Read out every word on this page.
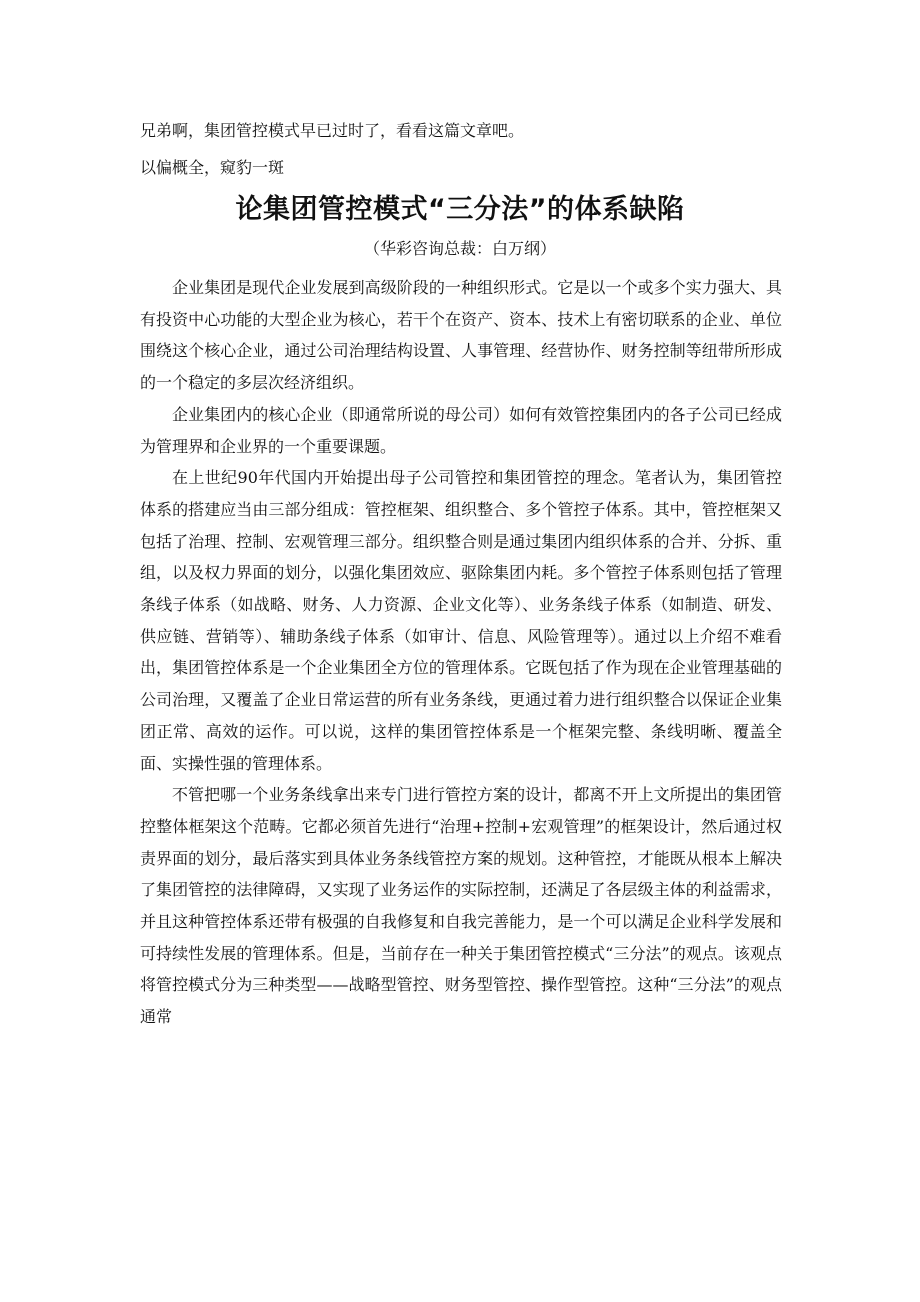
兄弟啊，集团管控模式早已过时了，看看这篇文章吧。
以偏概全，窥豹一斑
论集团管控模式“三分法”的体系缺陷
（华彩咨询总裁：白万纲）

企业集团是现代企业发展到高级阶段的一种组织形式。它是以一个或多个实力强大、具有投资中心功能的大型企业为核心，若干个在资产、资本、技术上有密切联系的企业、单位围绕这个核心企业，通过公司治理结构设置、人事管理、经营协作、财务控制等纽带所形成的一个稳定的多层次经济组织。

企业集团内的核心企业（即通常所说的母公司）如何有效管控集团内的各子公司已经成为管理界和企业界的一个重要课题。

在上世纪90年代国内开始提出母子公司管控和集团管控的理念。笔者认为，集团管控体系的搭建应当由三部分组成：管控框架、组织整合、多个管控子体系。其中，管控框架又包括了治理、控制、宏观管理三部分。组织整合则是通过集团内组织体系的合并、分拆、重组，以及权力界面的划分，以强化集团效应、驱除集团内耗。多个管控子体系则包括了管理条线子体系（如战略、财务、人力资源、企业文化等）、业务条线子体系（如制造、研发、供应链、营销等）、辅助条线子体系（如审计、信息、风险管理等）。通过以上介绍不难看出，集团管控体系是一个企业集团全方位的管理体系。它既包括了作为现在企业管理基础的公司治理，又覆盖了企业日常运营的所有业务条线，更通过着力进行组织整合以保证企业集团正常、高效的运作。可以说，这样的集团管控体系是一个框架完整、条线明晰、覆盖全面、实操性强的管理体系。

不管把哪一个业务条线拿出来专门进行管控方案的设计，都离不开上文所提出的集团管控整体框架这个范畴。它都必须首先进行“治理+控制+宏观管理”的框架设计，然后通过权责界面的划分，最后落实到具体业务条线管控方案的规划。这种管控，才能既从根本上解决了集团管控的法律障碍，又实现了业务运作的实际控制，还满足了各层级主体的利益需求，并且这种管控体系还带有极强的自我修复和自我完善能力，是一个可以满足企业科学发展和可持续性发展的管理体系。但是，当前存在一种关于集团管控模式“三分法”的观点。该观点将管控模式分为三种类型——战略型管控、财务型管控、操作型管控。这种“三分法”的观点通常
